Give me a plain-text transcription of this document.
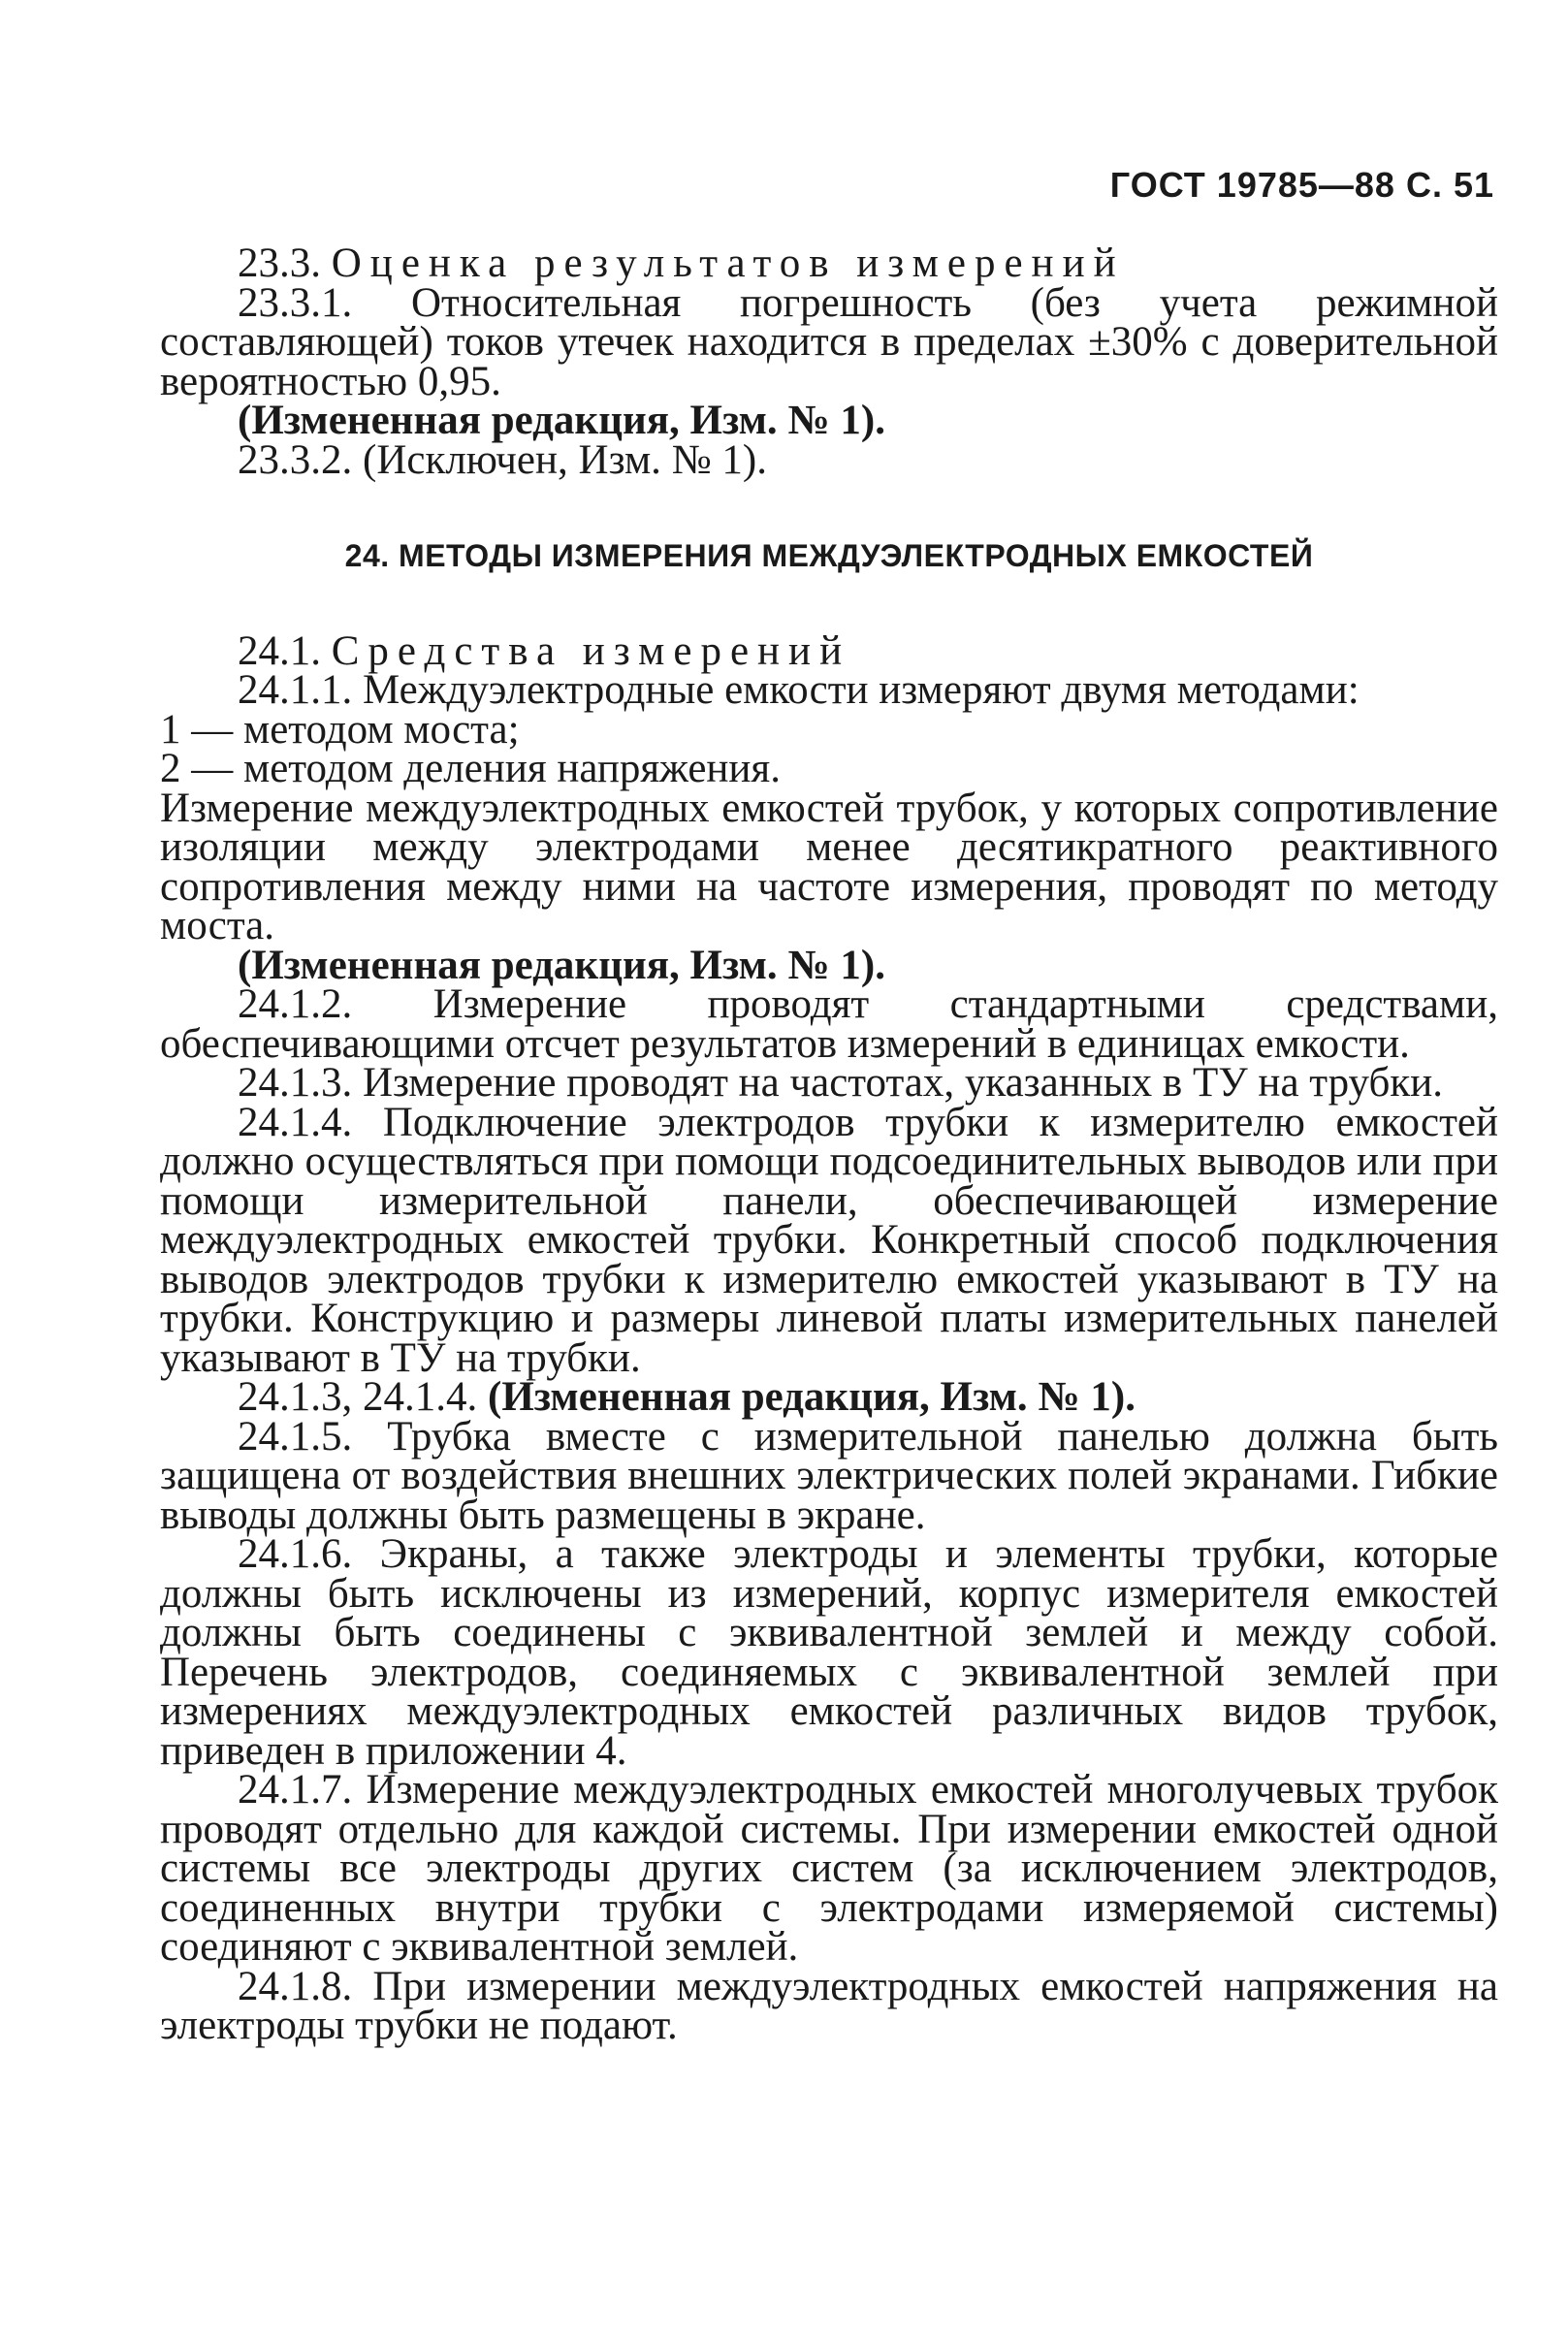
ГОСТ 19785—88 С. 51

23.3. Оценка результатов измерений

23.3.1. Относительная погрешность (без учета режимной составляющей) токов утечек находится в пределах ±30% с доверительной вероятностью 0,95.

(Измененная редакция, Изм. № 1).

23.3.2. (Исключен, Изм. № 1).

24. МЕТОДЫ ИЗМЕРЕНИЯ МЕЖДУЭЛЕКТРОДНЫХ ЕМКОСТЕЙ

24.1. Средства измерений

24.1.1. Междуэлектродные емкости измеряют двумя методами:

1 — методом моста;

2 — методом деления напряжения.

Измерение междуэлектродных емкостей трубок, у которых сопротивление изоляции между электродами менее десятикратного реактивного сопротивления между ними на частоте измерения, проводят по методу моста.

(Измененная редакция, Изм. № 1).

24.1.2. Измерение проводят стандартными средствами, обеспечивающими отсчет результатов измерений в единицах емкости.

24.1.3. Измерение проводят на частотах, указанных в ТУ на трубки.

24.1.4. Подключение электродов трубки к измерителю емкостей должно осуществляться при помощи подсоединительных выводов или при помощи измерительной панели, обеспечивающей измерение междуэлектродных емкостей трубки. Конкретный способ подключения выводов электродов трубки к измерителю емкостей указывают в ТУ на трубки. Конструкцию и размеры линевой платы измерительных панелей указывают в ТУ на трубки.

24.1.3, 24.1.4. (Измененная редакция, Изм. № 1).

24.1.5. Трубка вместе с измерительной панелью должна быть защищена от воздействия внешних электрических полей экранами. Гибкие выводы должны быть размещены в экране.

24.1.6. Экраны, а также электроды и элементы трубки, которые должны быть исключены из измерений, корпус измерителя емкостей должны быть соединены с эквивалентной землей и между собой. Перечень электродов, соединяемых с эквивалентной землей при измерениях междуэлектродных емкостей различных видов трубок, приведен в приложении 4.

24.1.7. Измерение междуэлектродных емкостей многолучевых трубок проводят отдельно для каждой системы. При измерении емкостей одной системы все электроды других систем (за исключением электродов, соединенных внутри трубки с электродами измеряемой системы) соединяют с эквивалентной землей.

24.1.8. При измерении междуэлектродных емкостей напряжения на электроды трубки не подают.
